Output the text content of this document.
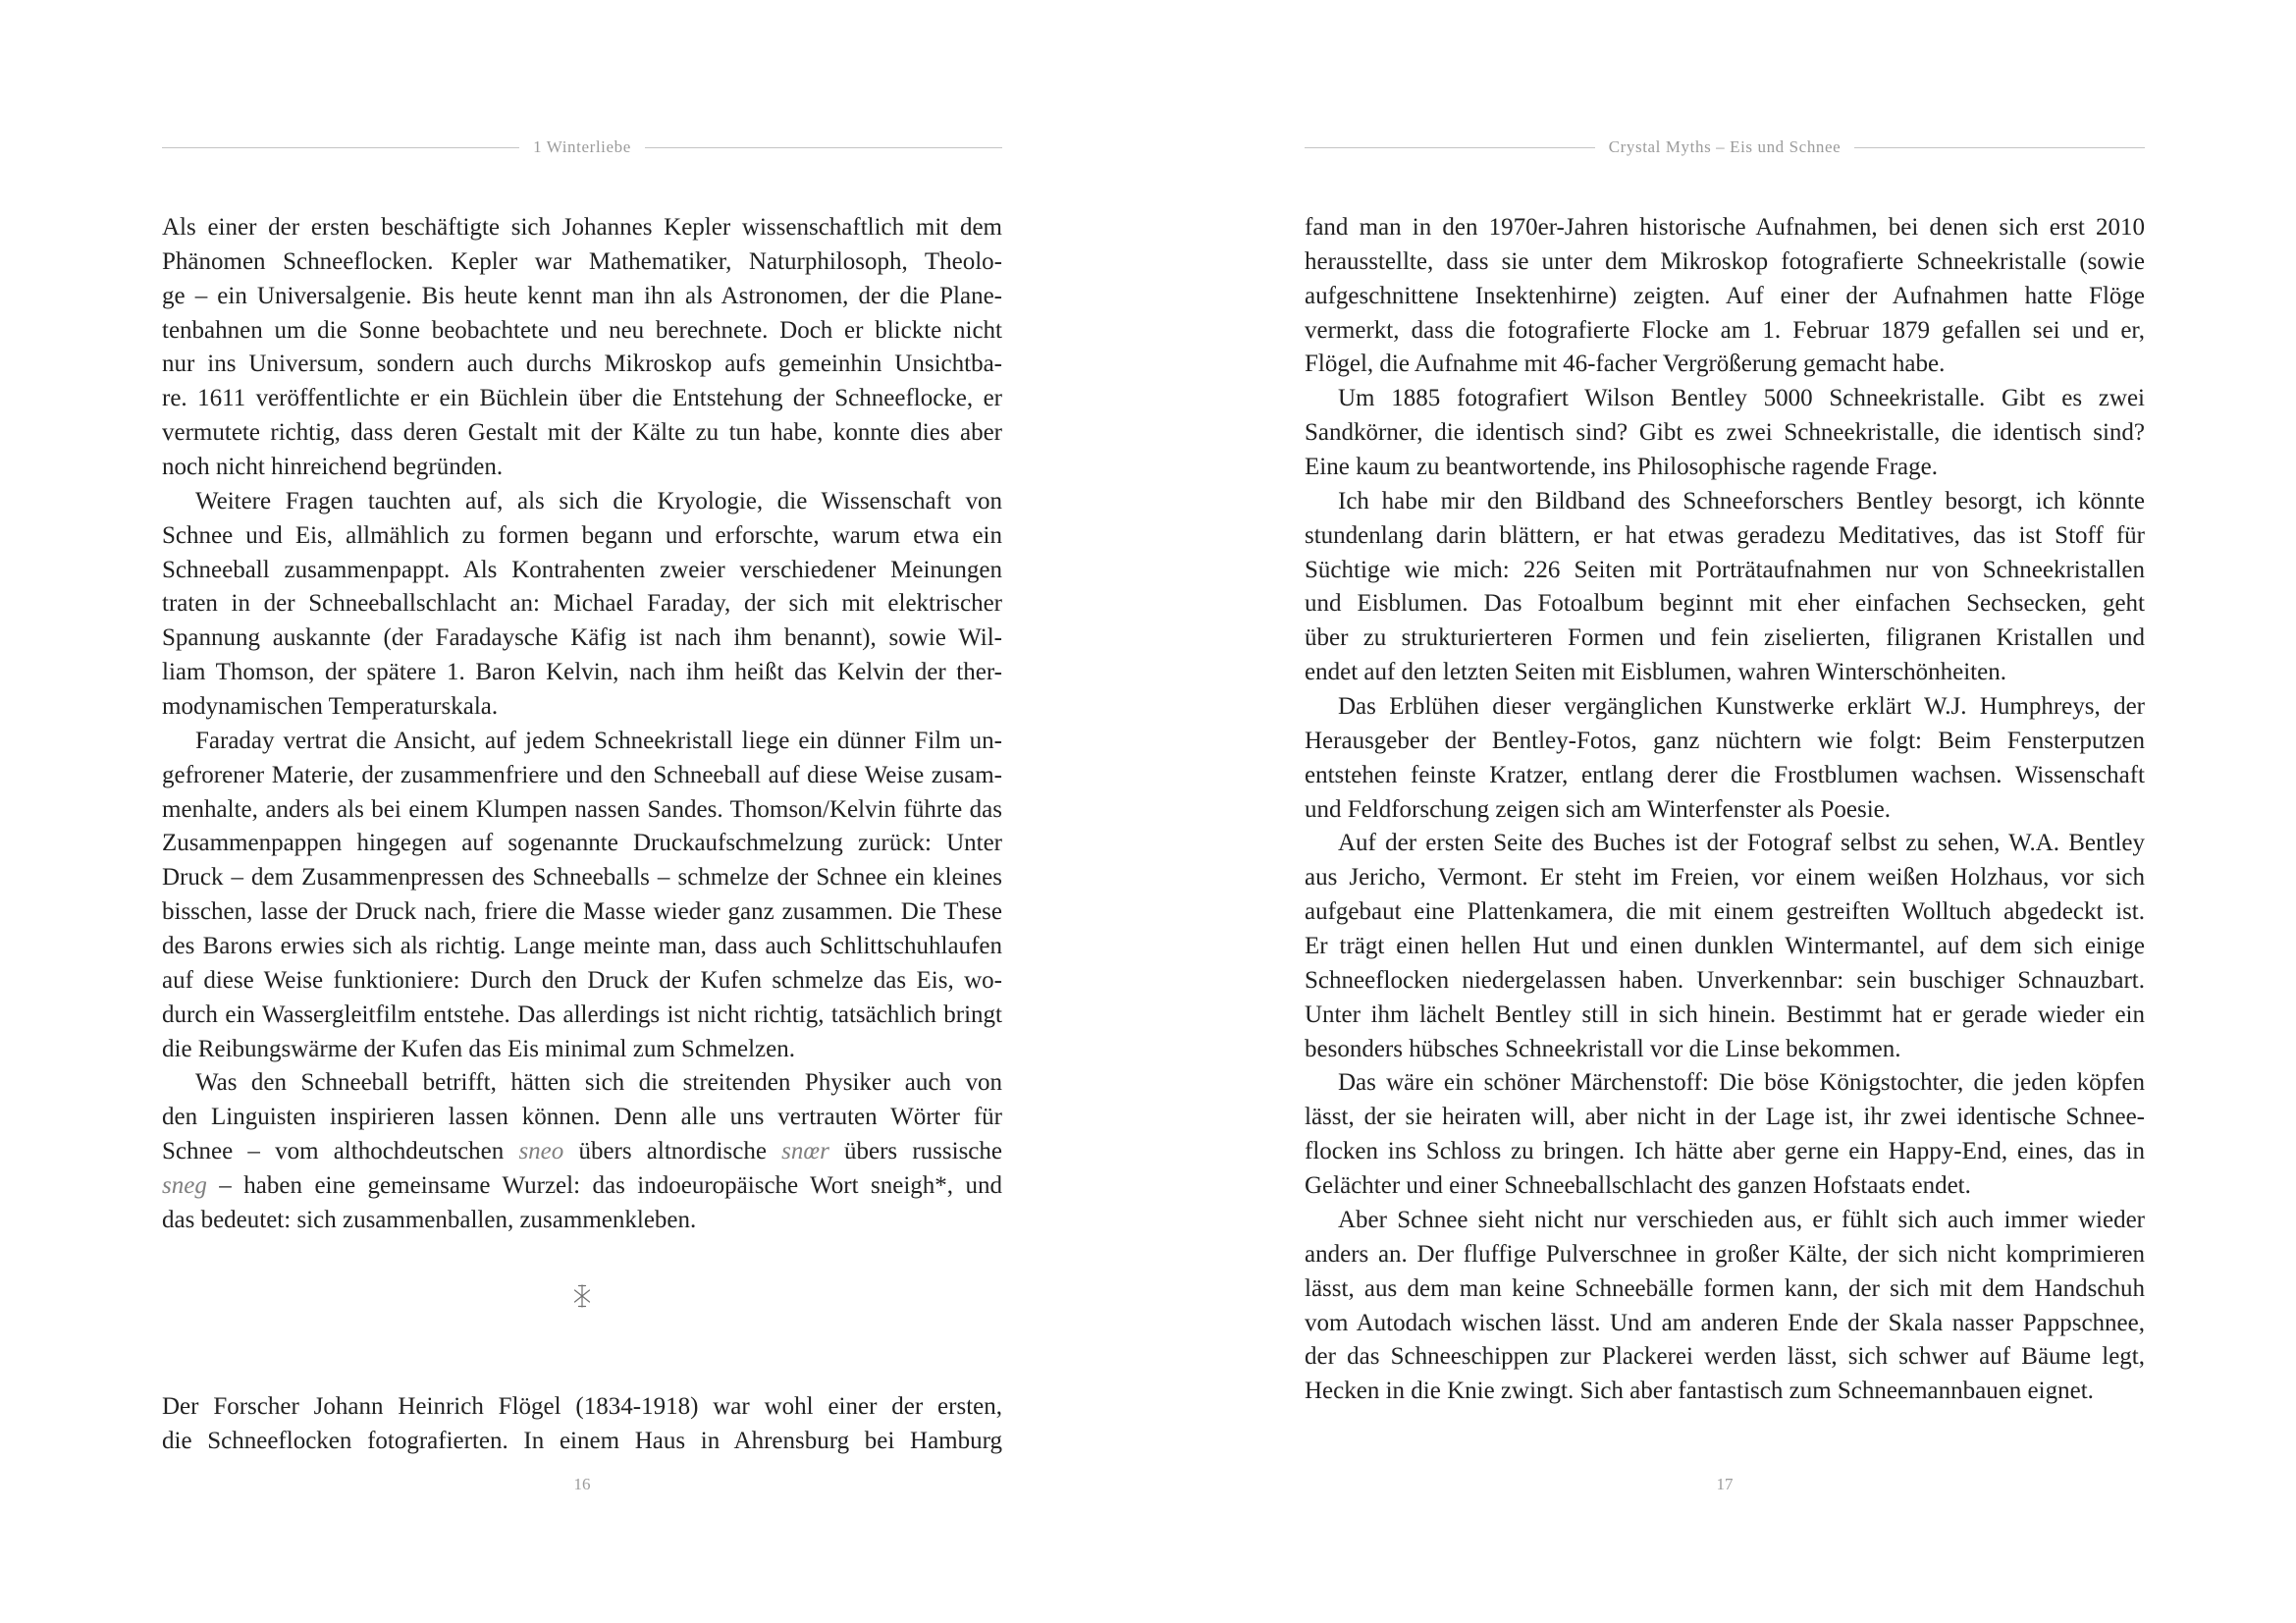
1 Winterliebe
Als einer der ersten beschäftigte sich Johannes Kepler wissenschaftlich mit dem
Phänomen Schneeflocken. Kepler war Mathematiker, Naturphilosoph, Theolo-
ge – ein Universalgenie. Bis heute kennt man ihn als Astronomen, der die Plane-
tenbahnen um die Sonne beobachtete und neu berechnete. Doch er blickte nicht
nur ins Universum, sondern auch durchs Mikroskop aufs gemeinhin Unsichtba-
re. 1611 veröffentlichte er ein Büchlein über die Entstehung der Schneeflocke, er
vermutete richtig, dass deren Gestalt mit der Kälte zu tun habe, konnte dies aber
noch nicht hinreichend begründen.
Weitere Fragen tauchten auf, als sich die Kryologie, die Wissenschaft von
Schnee und Eis, allmählich zu formen begann und erforschte, warum etwa ein
Schneeball zusammenpappt. Als Kontrahenten zweier verschiedener Meinungen
traten in der Schneeballschlacht an: Michael Faraday, der sich mit elektrischer
Spannung auskannte (der Faradaysche Käfig ist nach ihm benannt), sowie Wil-
liam Thomson, der spätere 1. Baron Kelvin, nach ihm heißt das Kelvin der ther-
modynamischen Temperaturskala.
Faraday vertrat die Ansicht, auf jedem Schneekristall liege ein dünner Film un-
gefrorener Materie, der zusammenfriere und den Schneeball auf diese Weise zusam-
menhalte, anders als bei einem Klumpen nassen Sandes. Thomson/Kelvin führte das
Zusammenpappen hingegen auf sogenannte Druckaufschmelzung zurück: Unter
Druck – dem Zusammenpressen des Schneeballs – schmelze der Schnee ein kleines
bisschen, lasse der Druck nach, friere die Masse wieder ganz zusammen. Die These
des Barons erwies sich als richtig. Lange meinte man, dass auch Schlittschuhlaufen
auf diese Weise funktioniere: Durch den Druck der Kufen schmelze das Eis, wo-
durch ein Wassergleitfilm entstehe. Das allerdings ist nicht richtig, tatsächlich bringt
die Reibungswärme der Kufen das Eis minimal zum Schmelzen.
Was den Schneeball betrifft, hätten sich die streitenden Physiker auch von
den Linguisten inspirieren lassen können. Denn alle uns vertrauten Wörter für
Schnee – vom althochdeutschen sneo übers altnordische snœr übers russische
sneg – haben eine gemeinsame Wurzel: das indoeuropäische Wort sneigh*, und
das bedeutet: sich zusammenballen, zusammenkleben.
Der Forscher Johann Heinrich Flögel (1834-1918) war wohl einer der ersten,
die Schneeflocken fotografierten. In einem Haus in Ahrensburg bei Hamburg
16
Crystal Myths – Eis und Schnee
fand man in den 1970er-Jahren historische Aufnahmen, bei denen sich erst 2010
herausstellte, dass sie unter dem Mikroskop fotografierte Schneekristalle (sowie
aufgeschnittene Insektenhirne) zeigten. Auf einer der Aufnahmen hatte Flöge
vermerkt, dass die fotografierte Flocke am 1. Februar 1879 gefallen sei und er,
Flögel, die Aufnahme mit 46-facher Vergrößerung gemacht habe.
Um 1885 fotografiert Wilson Bentley 5000 Schneekristalle. Gibt es zwei
Sandkörner, die identisch sind? Gibt es zwei Schneekristalle, die identisch sind?
Eine kaum zu beantwortende, ins Philosophische ragende Frage.
Ich habe mir den Bildband des Schneeforschers Bentley besorgt, ich könnte
stundenlang darin blättern, er hat etwas geradezu Meditatives, das ist Stoff für
Süchtige wie mich: 226 Seiten mit Porträtaufnahmen nur von Schneekristallen
und Eisblumen. Das Fotoalbum beginnt mit eher einfachen Sechsecken, geht
über zu strukturierteren Formen und fein ziselierten, filigranen Kristallen und
endet auf den letzten Seiten mit Eisblumen, wahren Winterschönheiten.
Das Erblühen dieser vergänglichen Kunstwerke erklärt W.J. Humphreys, der
Herausgeber der Bentley-Fotos, ganz nüchtern wie folgt: Beim Fensterputzen
entstehen feinste Kratzer, entlang derer die Frostblumen wachsen. Wissenschaft
und Feldforschung zeigen sich am Winterfenster als Poesie.
Auf der ersten Seite des Buches ist der Fotograf selbst zu sehen, W.A. Bentley
aus Jericho, Vermont. Er steht im Freien, vor einem weißen Holzhaus, vor sich
aufgebaut eine Plattenkamera, die mit einem gestreiften Wolltuch abgedeckt ist.
Er trägt einen hellen Hut und einen dunklen Wintermantel, auf dem sich einige
Schneeflocken niedergelassen haben. Unverkennbar: sein buschiger Schnauzbart.
Unter ihm lächelt Bentley still in sich hinein. Bestimmt hat er gerade wieder ein
besonders hübsches Schneekristall vor die Linse bekommen.
Das wäre ein schöner Märchenstoff: Die böse Königstochter, die jeden köpfen
lässt, der sie heiraten will, aber nicht in der Lage ist, ihr zwei identische Schnee-
flocken ins Schloss zu bringen. Ich hätte aber gerne ein Happy-End, eines, das in
Gelächter und einer Schneeballschlacht des ganzen Hofstaats endet.
Aber Schnee sieht nicht nur verschieden aus, er fühlt sich auch immer wieder
anders an. Der fluffige Pulverschnee in großer Kälte, der sich nicht komprimieren
lässt, aus dem man keine Schneebälle formen kann, der sich mit dem Handschuh
vom Autodach wischen lässt. Und am anderen Ende der Skala nasser Pappschnee,
der das Schneeschippen zur Plackerei werden lässt, sich schwer auf Bäume legt,
Hecken in die Knie zwingt. Sich aber fantastisch zum Schneemannbauen eignet.
17
